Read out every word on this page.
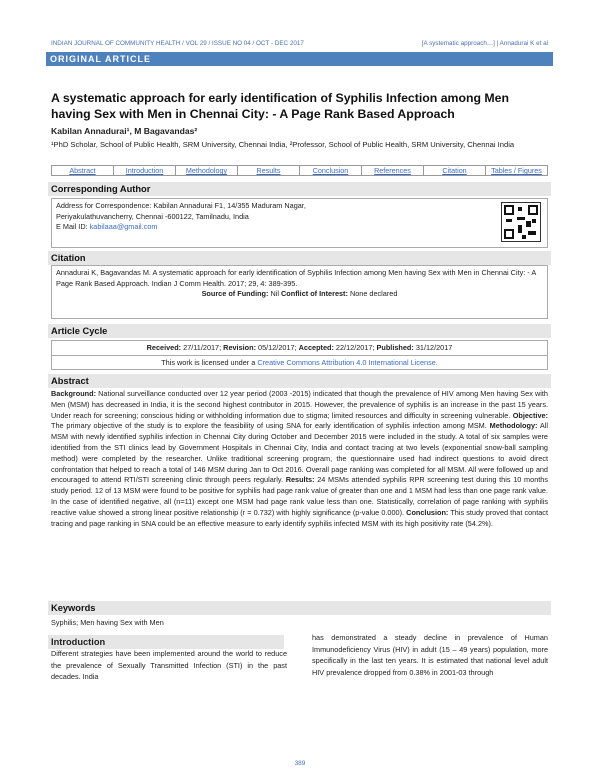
INDIAN JOURNAL OF COMMUNITY HEALTH / VOL 29 / ISSUE NO 04 / OCT - DEC 2017	[A systematic approach…] | Annadurai K et al
ORIGINAL ARTICLE
A systematic approach for early identification of Syphilis Infection among Men having Sex with Men in Chennai City: - A Page Rank Based Approach
Kabilan Annadurai¹, M Bagavandas²
¹PhD Scholar, School of Public Health, SRM University, Chennai India, ²Professor, School of Public Health, SRM University, Chennai India
Abstract	Introduction	Methodology	Results	Conclusion	References	Citation	Tables / Figures
Corresponding Author
Address for Correspondence: Kabilan Annadurai F1, 14/355 Maduram Nagar,
Periyakulathuvancherry, Chennai -600122, Tamilnadu, India
E Mail ID: kabilaaa@gmail.com
Citation
Annadurai K, Bagavandas M. A systematic approach for early identification of Syphilis Infection among Men having Sex with Men in Chennai City: - A Page Rank Based Approach. Indian J Comm Health. 2017; 29, 4: 389-395.
Source of Funding: Nil Conflict of Interest: None declared
Article Cycle
Received: 27/11/2017; Revision: 05/12/2017; Accepted: 22/12/2017; Published: 31/12/2017
This work is licensed under a Creative Commons Attribution 4.0 International License.
Abstract
Background: National surveillance conducted over 12 year period (2003 -2015) indicated that though the prevalence of HIV among Men having Sex with Men (MSM) has decreased in India, it is the second highest contributor in 2015. However, the prevalence of syphilis is an increase in the past 15 years. Under reach for screening; conscious hiding or withholding information due to stigma; limited resources and difficulty in screening vulnerable. Objective: The primary objective of the study is to explore the feasibility of using SNA for early identification of syphilis infection among MSM. Methodology: All MSM with newly identified syphilis infection in Chennai City during October and December 2015 were included in the study. A total of six samples were identified from the STI clinics lead by Government Hospitals in Chennai City, India and contact tracing at two levels (exponential snow-ball sampling method) were completed by the researcher. Unlike traditional screening program, the questionnaire used had indirect questions to avoid direct confrontation that helped to reach a total of 146 MSM during Jan to Oct 2016. Overall page ranking was completed for all MSM. All were followed up and encouraged to attend RTI/STI screening clinic through peers regularly. Results: 24 MSMs attended syphilis RPR screening test during this 10 months study period. 12 of 13 MSM were found to be positive for syphilis had page rank value of greater than one and 1 MSM had less than one page rank value. In the case of identified negative, all (n=11) except one MSM had page rank value less than one. Statistically, correlation of page ranking with syphilis reactive value showed a strong linear positive relationship (r = 0.732) with highly significance (p-value 0.000). Conclusion: This study proved that contact tracing and page ranking in SNA could be an effective measure to early identify syphilis infected MSM with its high positivity rate (54.2%).
Keywords
Syphilis; Men having Sex with Men
Introduction
Different strategies have been implemented around the world to reduce the prevalence of Sexually Transmitted Infection (STI) in the past decades. India
has demonstrated a steady decline in prevalence of Human Immunodeficiency Virus (HIV) in adult (15 – 49 years) population, more specifically in the last ten years. It is estimated that national level adult HIV prevalence dropped from 0.38% in 2001-03 through
389
